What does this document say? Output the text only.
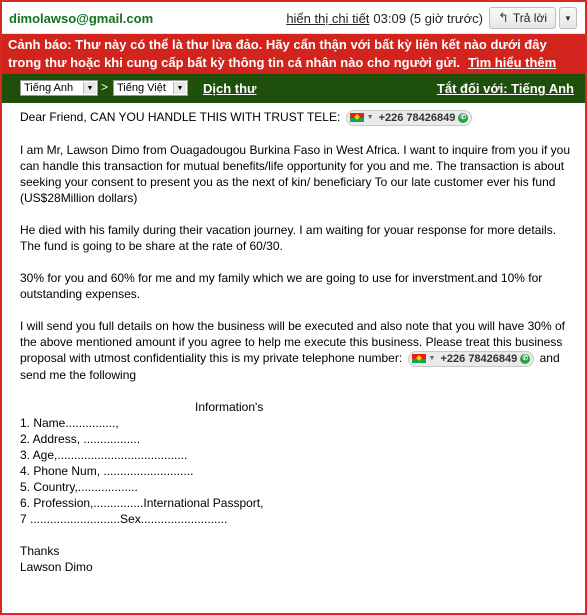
dimolawso@gmail.com	hiển thị chi tiết 03:09 (5 giờ trước) ↰ Trả lời ▼
Cảnh báo: Thư này có thể là thư lừa đảo. Hãy cẩn thận với bất kỳ liên kết nào dưới đây
trong thư hoặc khi cung cấp bất kỳ thông tin cá nhân nào cho người gửi. Tìm hiểu thêm
Tiếng Anh	▼ > Tiếng Việt	▼ Dịch thư	Tắt đối với: Tiếng Anh

Dear Friend, CAN YOU HANDLE THIS WITH TRUST TELE:	▼ +226 78426849 ✆

I am Mr, Lawson Dimo from Ouagadougou Burkina Faso in West Africa. I want to inquire from you if you can handle this transaction for mutual benefits/life opportunity for you and me. The transaction is about seeking your consent to present you as the next of kin/ beneficiary To our late customer ever his fund (US$28Million dollars)

He died with his family during their vacation journey. I am waiting for youar response for more details. The fund is going to be share at the rate of 60/30.

30% for you and 60% for me and my family which we are going to use for inverstment.and 10% for outstanding expenses.

I will send you full details on how the business will be executed and also note that you will have 30% of the above mentioned amount if you agree to help me execute this business. Please treat this business proposal with utmost confidentiality this is my private telephone number:	▼ +226 78426849 ✆ and send me the following

Information's
1. Name...............,
2. Address, .................
3. Age,.......................................
4. Phone Num, ...........................
5. Country,..................
6. Profession,...............International Passport,
7 ...........................Sex..........................
Thanks
Lawson Dimo
